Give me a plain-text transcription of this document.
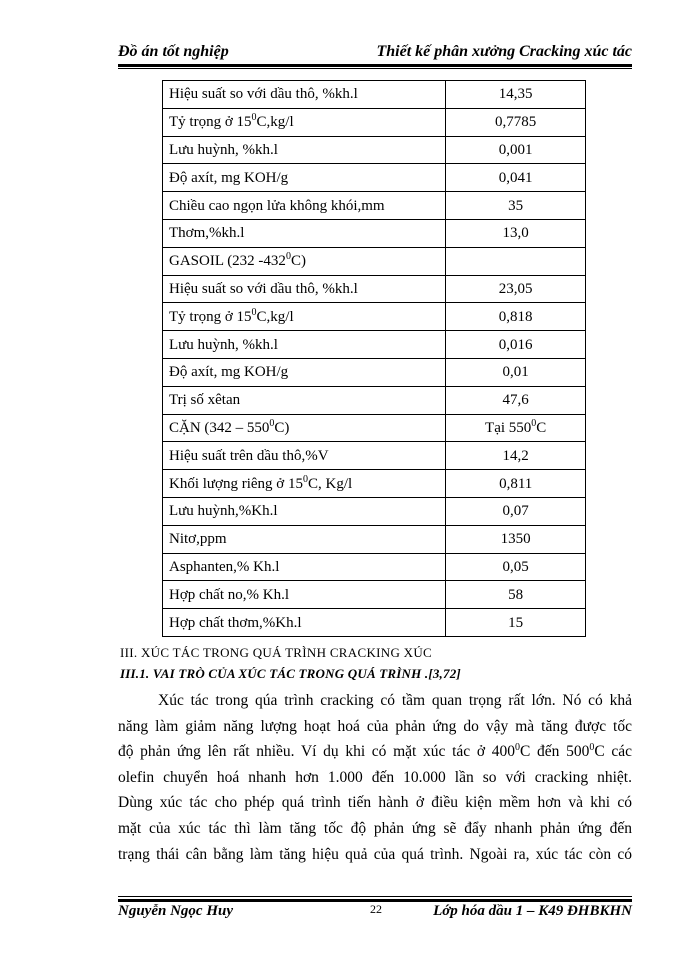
Đồ án tốt nghiệp	Thiết kế phân xưởng Cracking xúc tác
Hiệu suất so với dầu thô, %kh.l	14,35
Tỷ trọng ở $15^0C,kg/l$	0,7785
Lưu huỳnh, %kh.l	0,001
Độ axít, mg KOH/g	0,041
Chiều cao ngọn lửa không khói,mm	35
Thơm,%kh.l	13,0
GASOIL (232 $-432^0C$)	
Hiệu suất so với dầu thô, %kh.l	23,05
Tỷ trọng ở $15^0C,kg/l$	0,818
Lưu huỳnh, %kh.l	0,016
Độ axít, mg KOH/g	0,01
Trị số xêtan	47,6
CẶN $(342 - 550^0C)$	Tại $550^0C$
Hiệu suất trên dầu thô,%V	14,2
Khối lượng riêng ở $15^0C$, Kg/l	0,811
Lưu huỳnh,%Kh.l	0,07
Nitơ,ppm	1350
Asphanten,% Kh.l	0,05
Hợp chất no,% Kh.l	58
Hợp chất thơm,%Kh.l	15
III. XÚC TÁC TRONG QUÁ TRÌNH CRACKING XÚC
III.1. VAI TRÒ CỦA XÚC TÁC TRONG QUÁ TRÌNH .[3,72]
Xúc tác trong qúa trình cracking có tầm quan trọng rất lớn. Nó có khả
năng làm giảm năng lượng hoạt hoá của phản ứng do vậy mà tăng được tốc
độ phản ứng lên rất nhiều. Ví dụ khi có mặt xúc tác ở $400^0C$ đến $500^0C$ các
olefin chuyển hoá nhanh hơn 1.000 đến 10.000 lần so với cracking nhiệt.
Dùng xúc tác cho phép quá trình tiến hành ở điều kiện mềm hơn và khi có
mặt của xúc tác thì làm tăng tốc độ phản ứng sẽ đẩy nhanh phản ứng đến
trạng thái cân bằng làm tăng hiệu quả của quá trình. Ngoài ra, xúc tác còn có
Nguyễn Ngọc Huy	22	Lớp hóa dầu 1 – K49 ĐHBKHN
